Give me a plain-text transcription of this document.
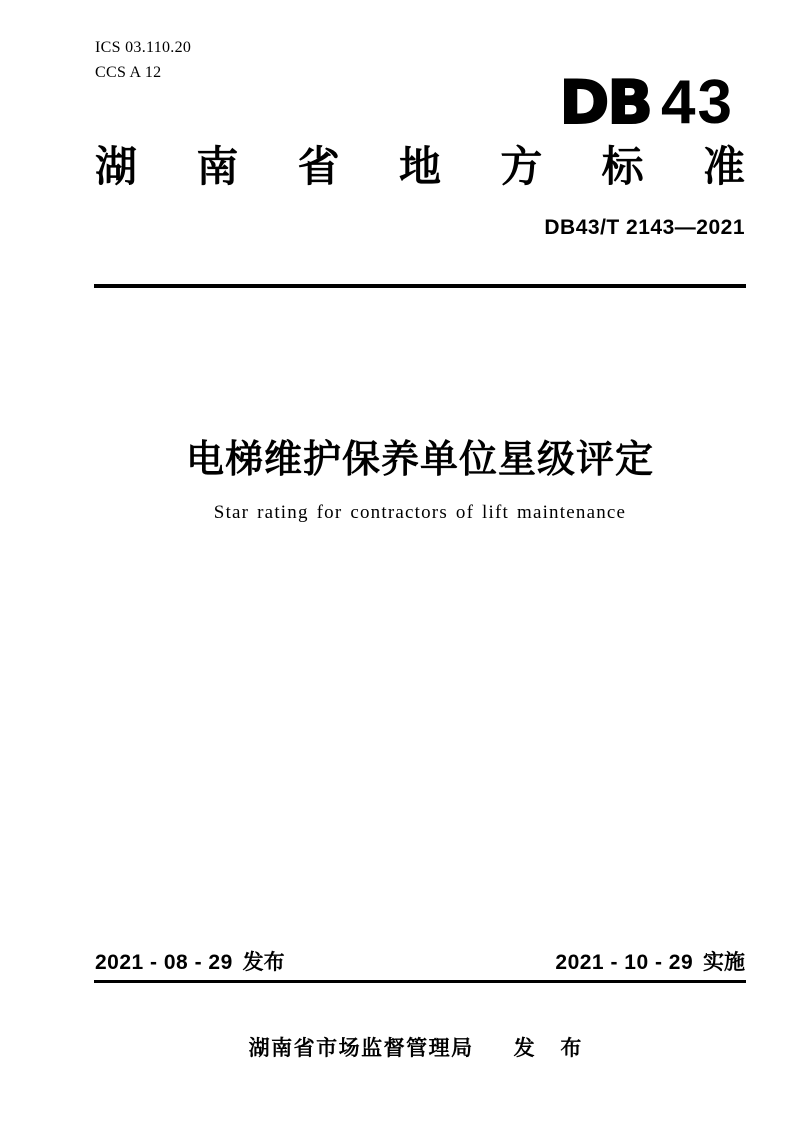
ICS 03.110.20
CCS A 12	DB 43
湖 南 省 地 方 标 准
DB43/T 2143—2021
电梯维护保养单位星级评定
Star rating for contractors of lift maintenance
2021 - 08 - 29 发布	2021 - 10 - 29 实施
湖南省市场监督管理局 发 布
